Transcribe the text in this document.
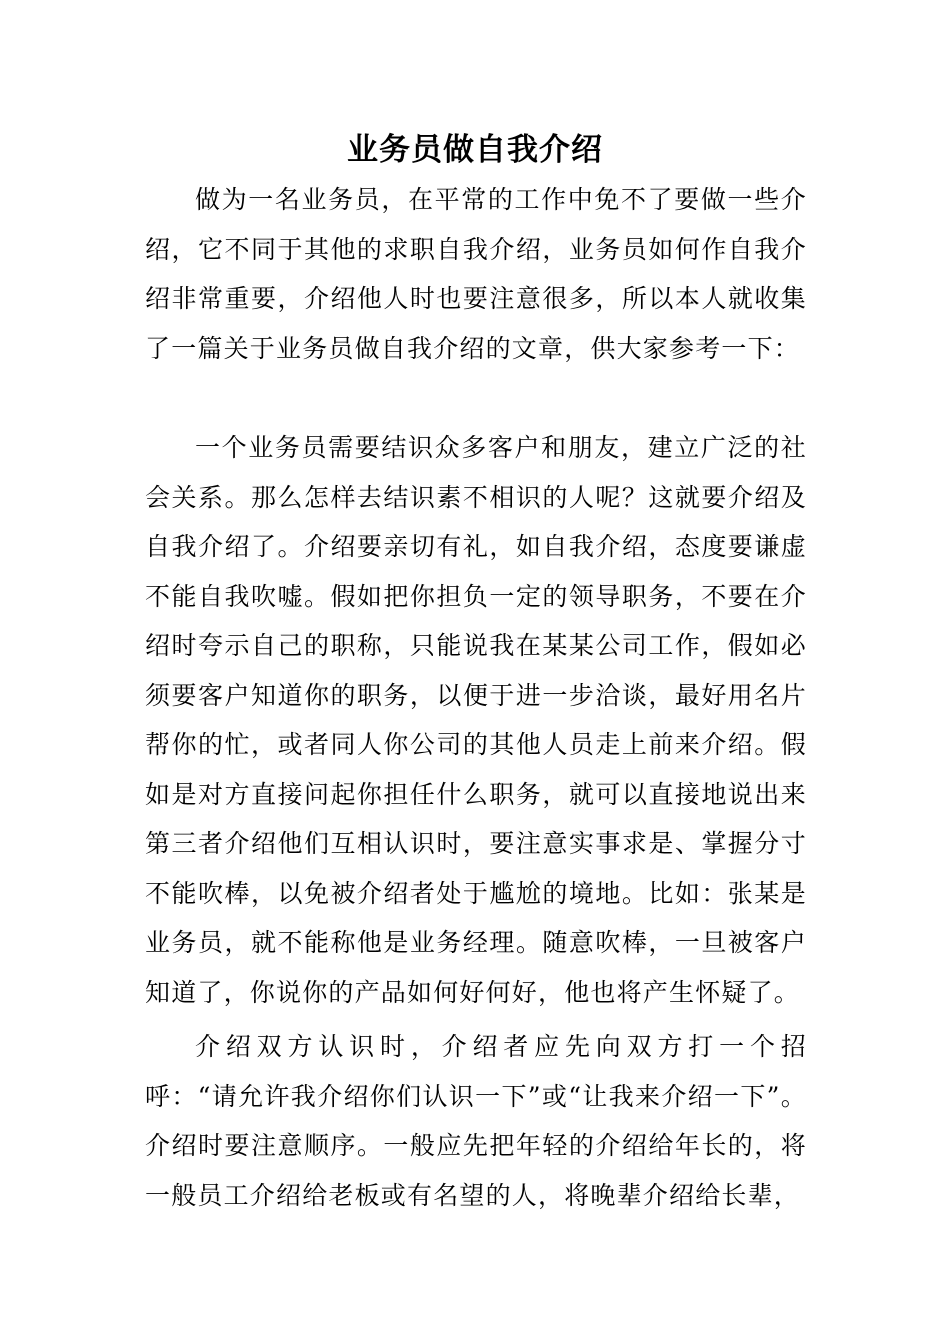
业务员做自我介绍

做为一名业务员，在平常的工作中免不了要做一些介绍，它不同于其他的求职自我介绍，业务员如何作自我介绍非常重要，介绍他人时也要注意很多，所以本人就收集了一篇关于业务员做自我介绍的文章，供大家参考一下：

一个业务员需要结识众多客户和朋友，建立广泛的社会关系。那么怎样去结识素不相识的人呢？这就要介绍及自我介绍了。介绍要亲切有礼，如自我介绍，态度要谦虚不能自我吹嘘。假如把你担负一定的领导职务，不要在介绍时夸示自己的职称，只能说我在某某公司工作，假如必须要客户知道你的职务，以便于进一步洽谈，最好用名片帮你的忙，或者同人你公司的其他人员走上前来介绍。假如是对方直接问起你担任什么职务，就可以直接地说出来第三者介绍他们互相认识时，要注意实事求是、掌握分寸不能吹棒，以免被介绍者处于尴尬的境地。比如：张某是业务员，就不能称他是业务经理。随意吹棒，一旦被客户知道了，你说你的产品如何好何好，他也将产生怀疑了。

介绍双方认识时，介绍者应先向双方打一个招呼：“请允许我介绍你们认识一下”或“让我来介绍一下”。介绍时要注意顺序。一般应先把年轻的介绍给年长的，将一般员工介绍给老板或有名望的人，将晚辈介绍给长辈，
